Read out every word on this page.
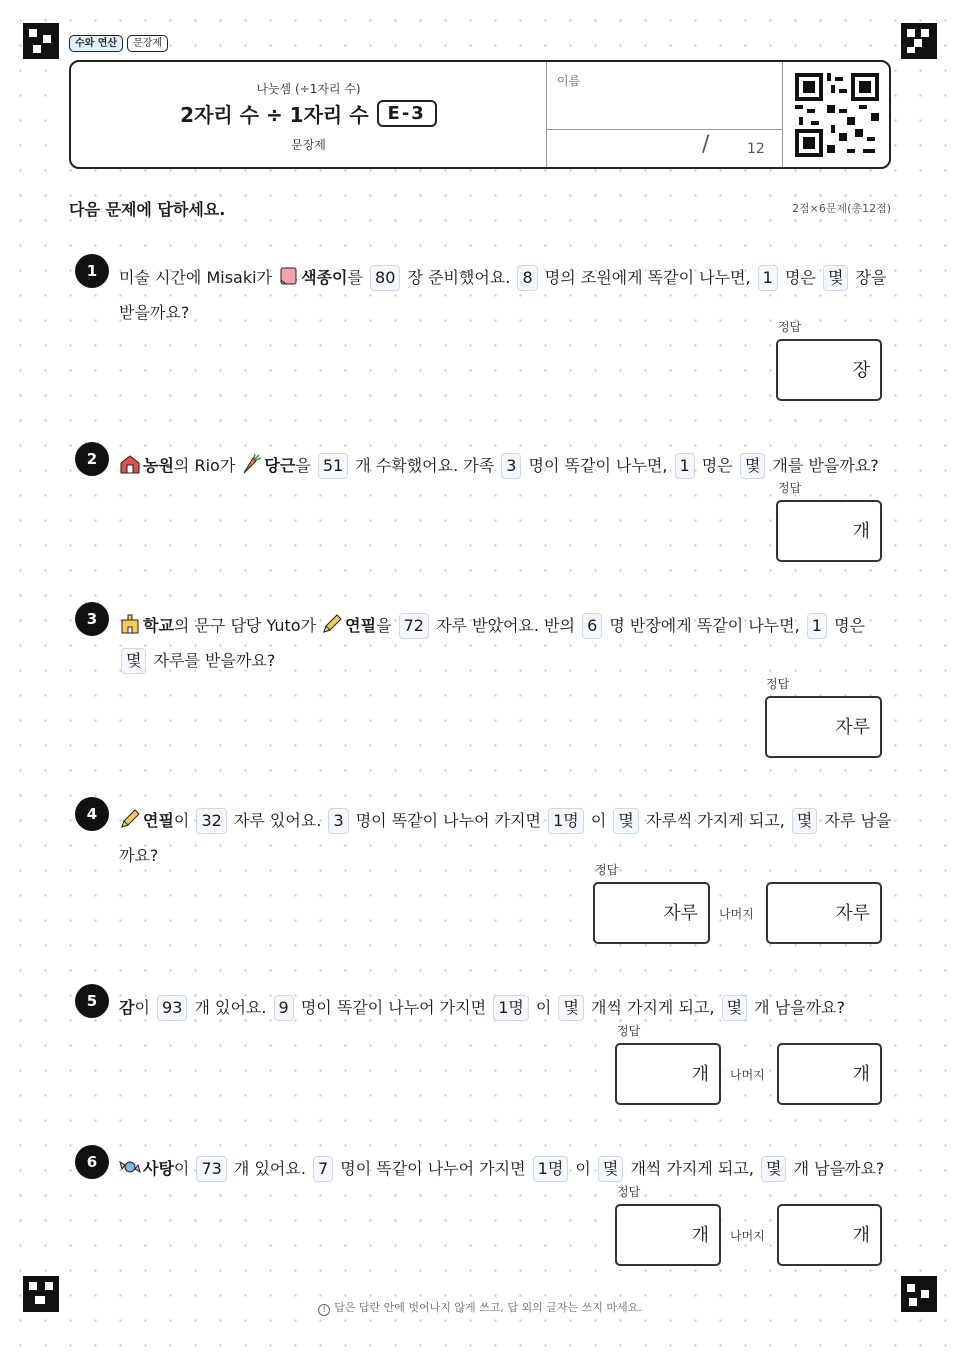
수와 연산	문장제
나눗셈 (÷1자리 수)
2자리 수 ÷ 1자리 수	E-3
문장제
이름
/	12
다음 문제에 답하세요.	2점×6문제(총12점)
1	미술 시간에 Misaki가 색종이를 80 장 준비했어요. 8 명의 조원에게 똑같이 나누면, 1 명은 몇 장을 받을까요?
정답
장
2	농원의 Rio가 당근을 51 개 수확했어요. 가족 3 명이 똑같이 나누면, 1 명은 몇 개를 받을까요?
정답
개
3	학교의 문구 담당 Yuto가 연필을 72 자루 받았어요. 반의 6 명 반장에게 똑같이 나누면, 1 명은 몇 자루를 받을까요?
정답
자루
4	연필이 32 자루 있어요. 3 명이 똑같이 나누어 가지면 1명 이 몇 자루씩 가지게 되고, 몇 자루 남을까요?
정답
자루	나머지	자루
5	감이 93 개 있어요. 9 명이 똑같이 나누어 가지면 1명 이 몇 개씩 가지게 되고, 몇 개 남을까요?
정답
개	나머지	개
6	사탕이 73 개 있어요. 7 명이 똑같이 나누어 가지면 1명 이 몇 개씩 가지게 되고, 몇 개 남을까요?
정답
개	나머지	개
! 답은 답란 안에 벗어나지 않게 쓰고, 답 외의 글자는 쓰지 마세요.
